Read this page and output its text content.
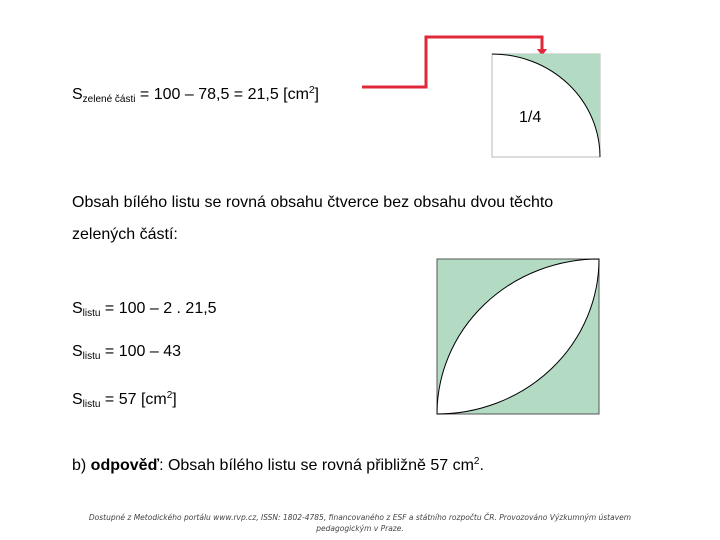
$S_{zelené části} = 100 - 78,5 = 21,5$ $[cm^2]$
1/4
Obsah bílého listu se rovná obsahu čtverce bez obsahu dvou těchto
zelených částí:
$S_{listu} = 100 - 2$ . 21,5
$S_{listu} = 100 - 43$
$S_{listu} = 57$ $[cm^2]$
b) odpověď: Obsah bílého listu se rovná přibližně 57 $cm^2$.
Dostupné z Metodického portálu www.rvp.cz, ISSN: 1802-4785, financovaného z ESF a státního rozpočtu ČR. Provozováno Výzkumným ústavem
pedagogickým v Praze.
